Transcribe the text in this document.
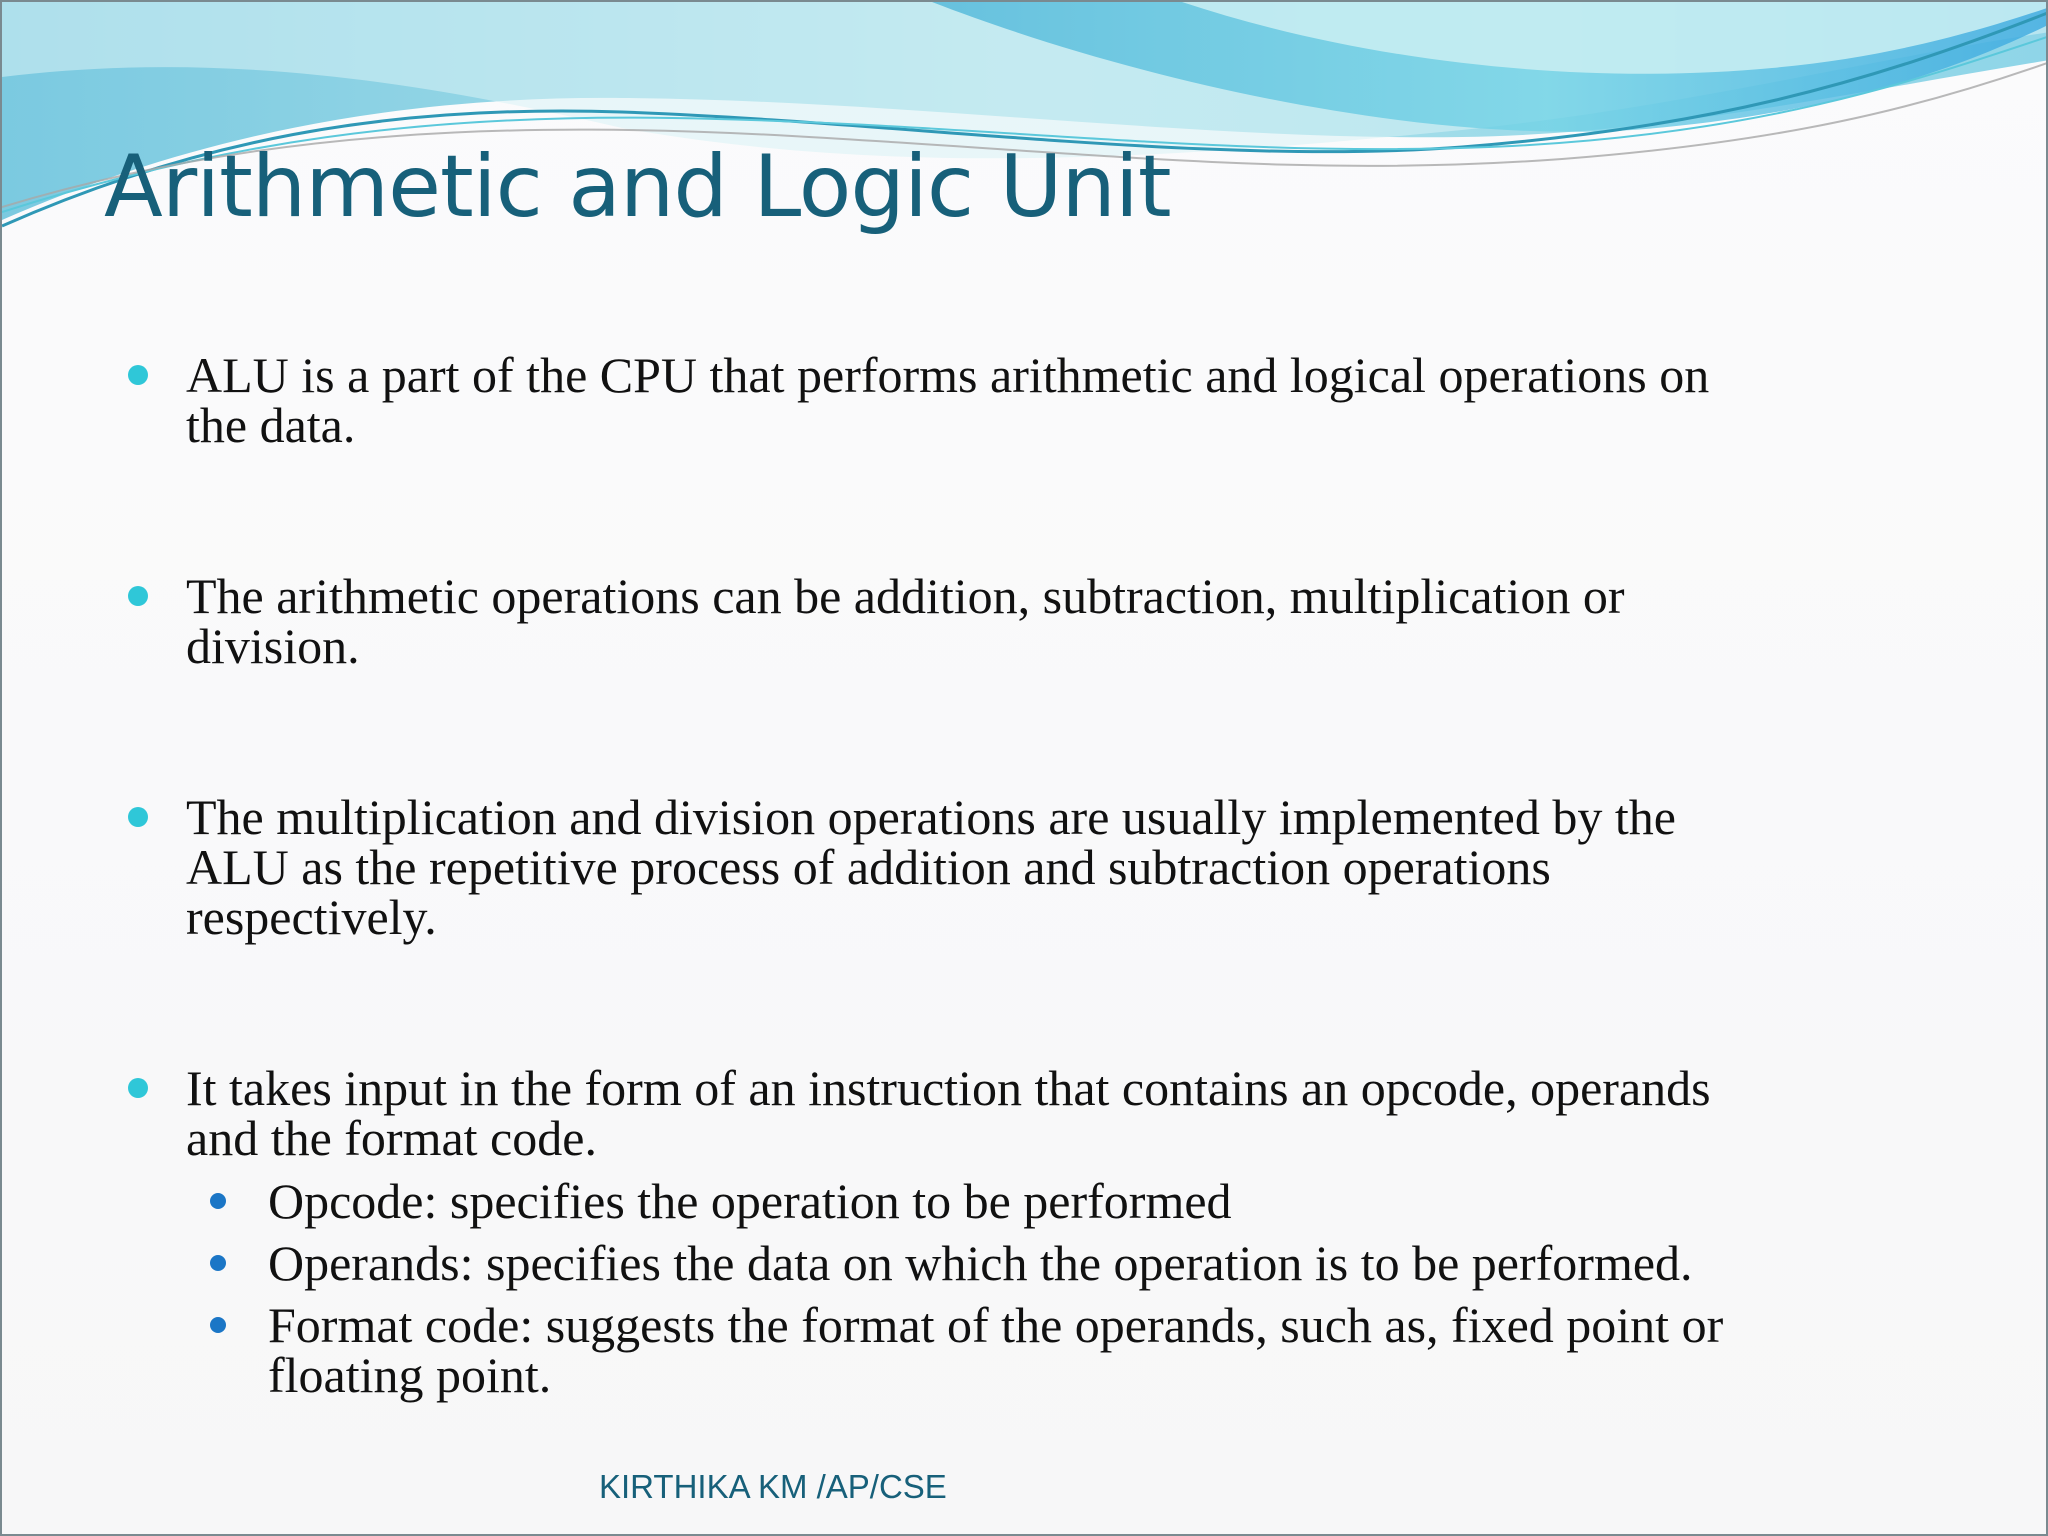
Arithmetic and Logic Unit
ALU is a part of the CPU that performs arithmetic and logical operations on
the data.
The arithmetic operations can be addition, subtraction, multiplication or
division.
The multiplication and division operations are usually implemented by the
ALU as the repetitive process of addition and subtraction operations
respectively.
It takes input in the form of an instruction that contains an opcode, operands
and the format code.
Opcode: specifies the operation to be performed
Operands: specifies the data on which the operation is to be performed.
Format code: suggests the format of the operands, such as, fixed point or
floating point.
KIRTHIKA KM /AP/CSE
